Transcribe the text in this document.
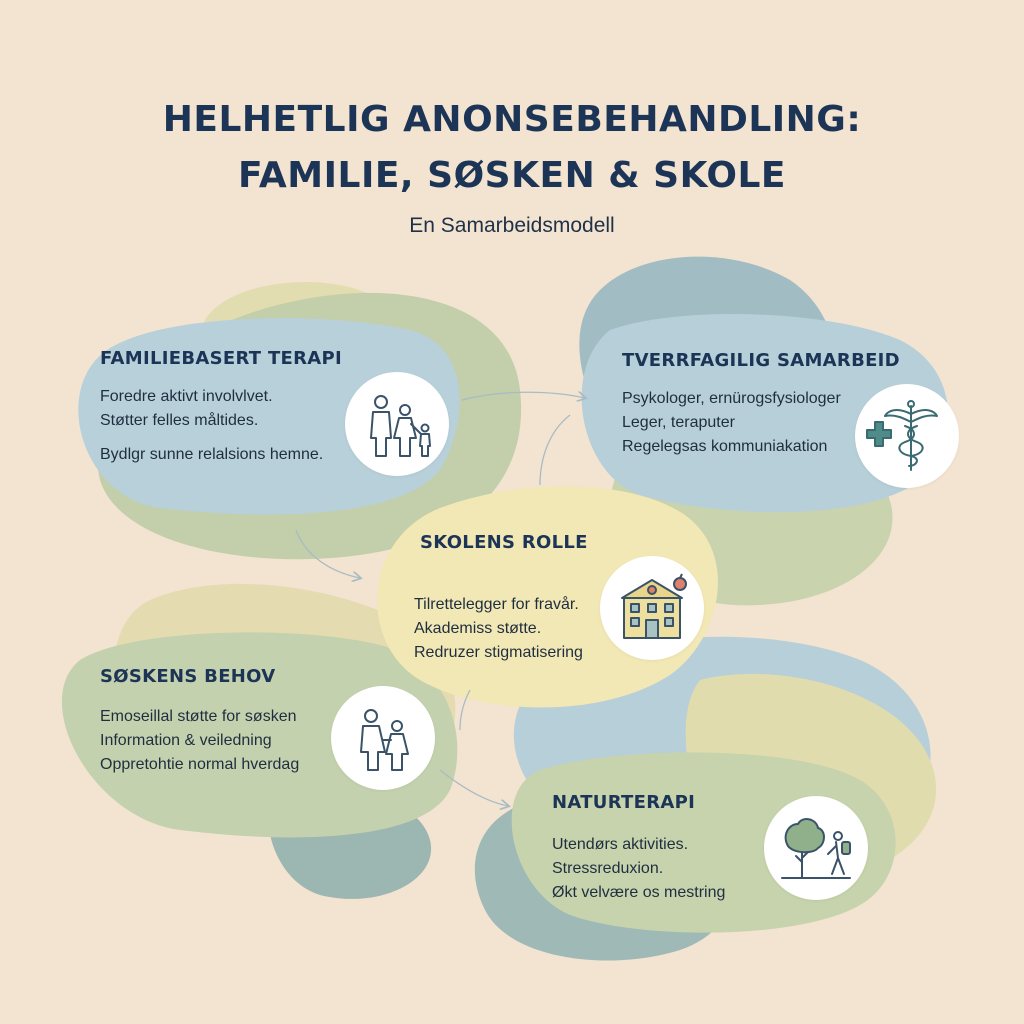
HELHETLIG ANONSEBEHANDLING:
FAMILIE, SØSKEN & SKOLE
En Samarbeidsmodell
FAMILIEBASERT TERAPI
Foredre aktivt involvlvet.
Støtter felles måltides.
Bydlgr sunne relalsions hemne.
TVERRFAGILIG SAMARBEID
Psykologer, ernürogsfysiologer
Leger, teraputer
Regelegsas kommuniakation
SKOLENS ROLLE
Tilrettelegger for fravår.
Akademiss støtte.
Redruzer stigmatisering
SØSKENS BEHOV
Emoseillal støtte for søsken
Information & veiledning
Oppretohtie normal hverdag
NATURTERAPI
Utendørs aktivities.
Stressreduxion.
Økt velvære os mestring
